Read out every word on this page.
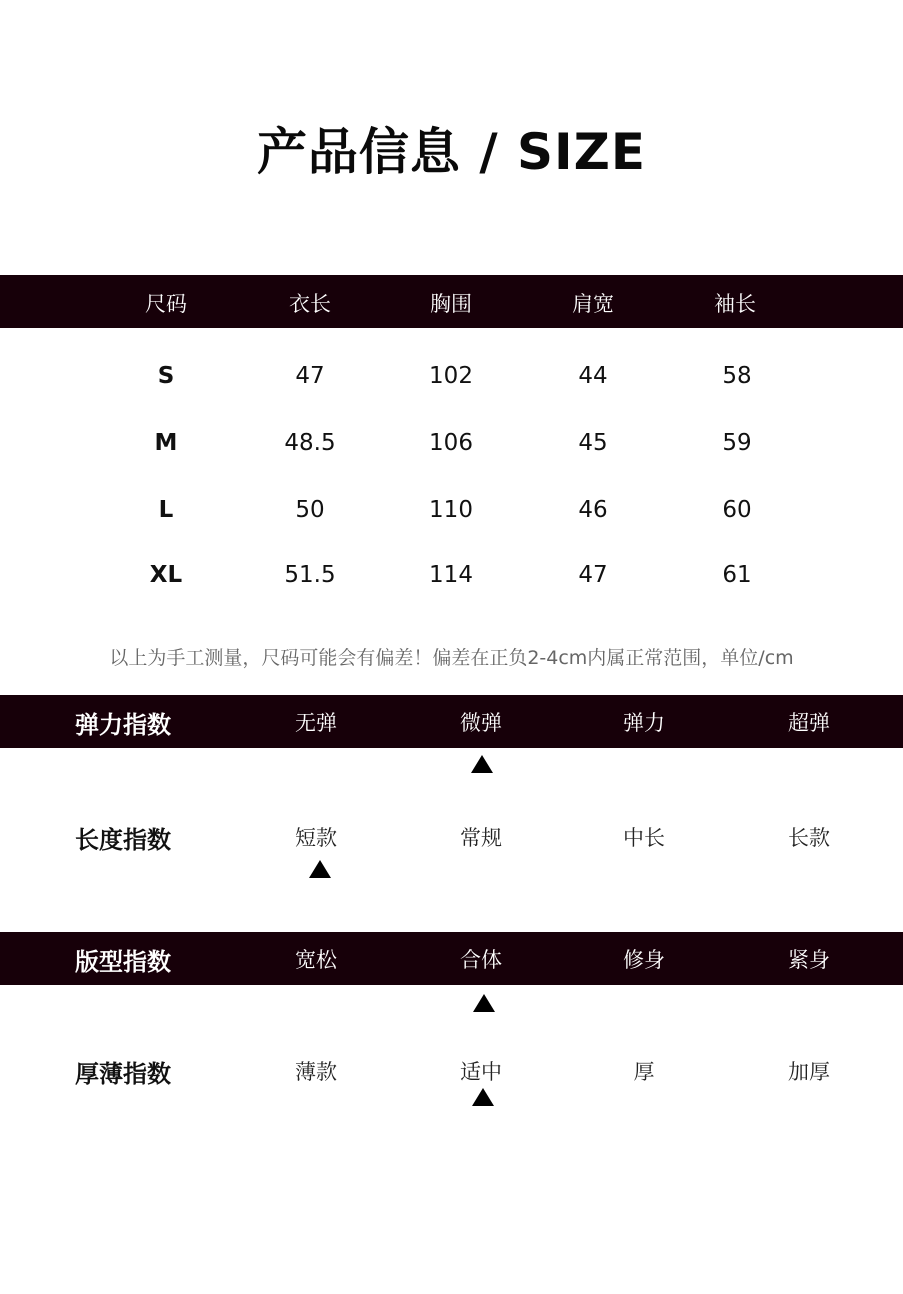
产品信息 / SIZE
尺码	衣长	胸围	肩宽	袖长
S	47	102	44	58
M	48.5	106	45	59
L	50	110	46	60
XL	51.5	114	47	61
以上为手工测量，尺码可能会有偏差！偏差在正负2-4cm内属正常范围，单位/cm
弹力指数	无弹	微弹	弹力	超弹
长度指数	短款	常规	中长	长款
版型指数	宽松	合体	修身	紧身
厚薄指数	薄款	适中	厚	加厚
